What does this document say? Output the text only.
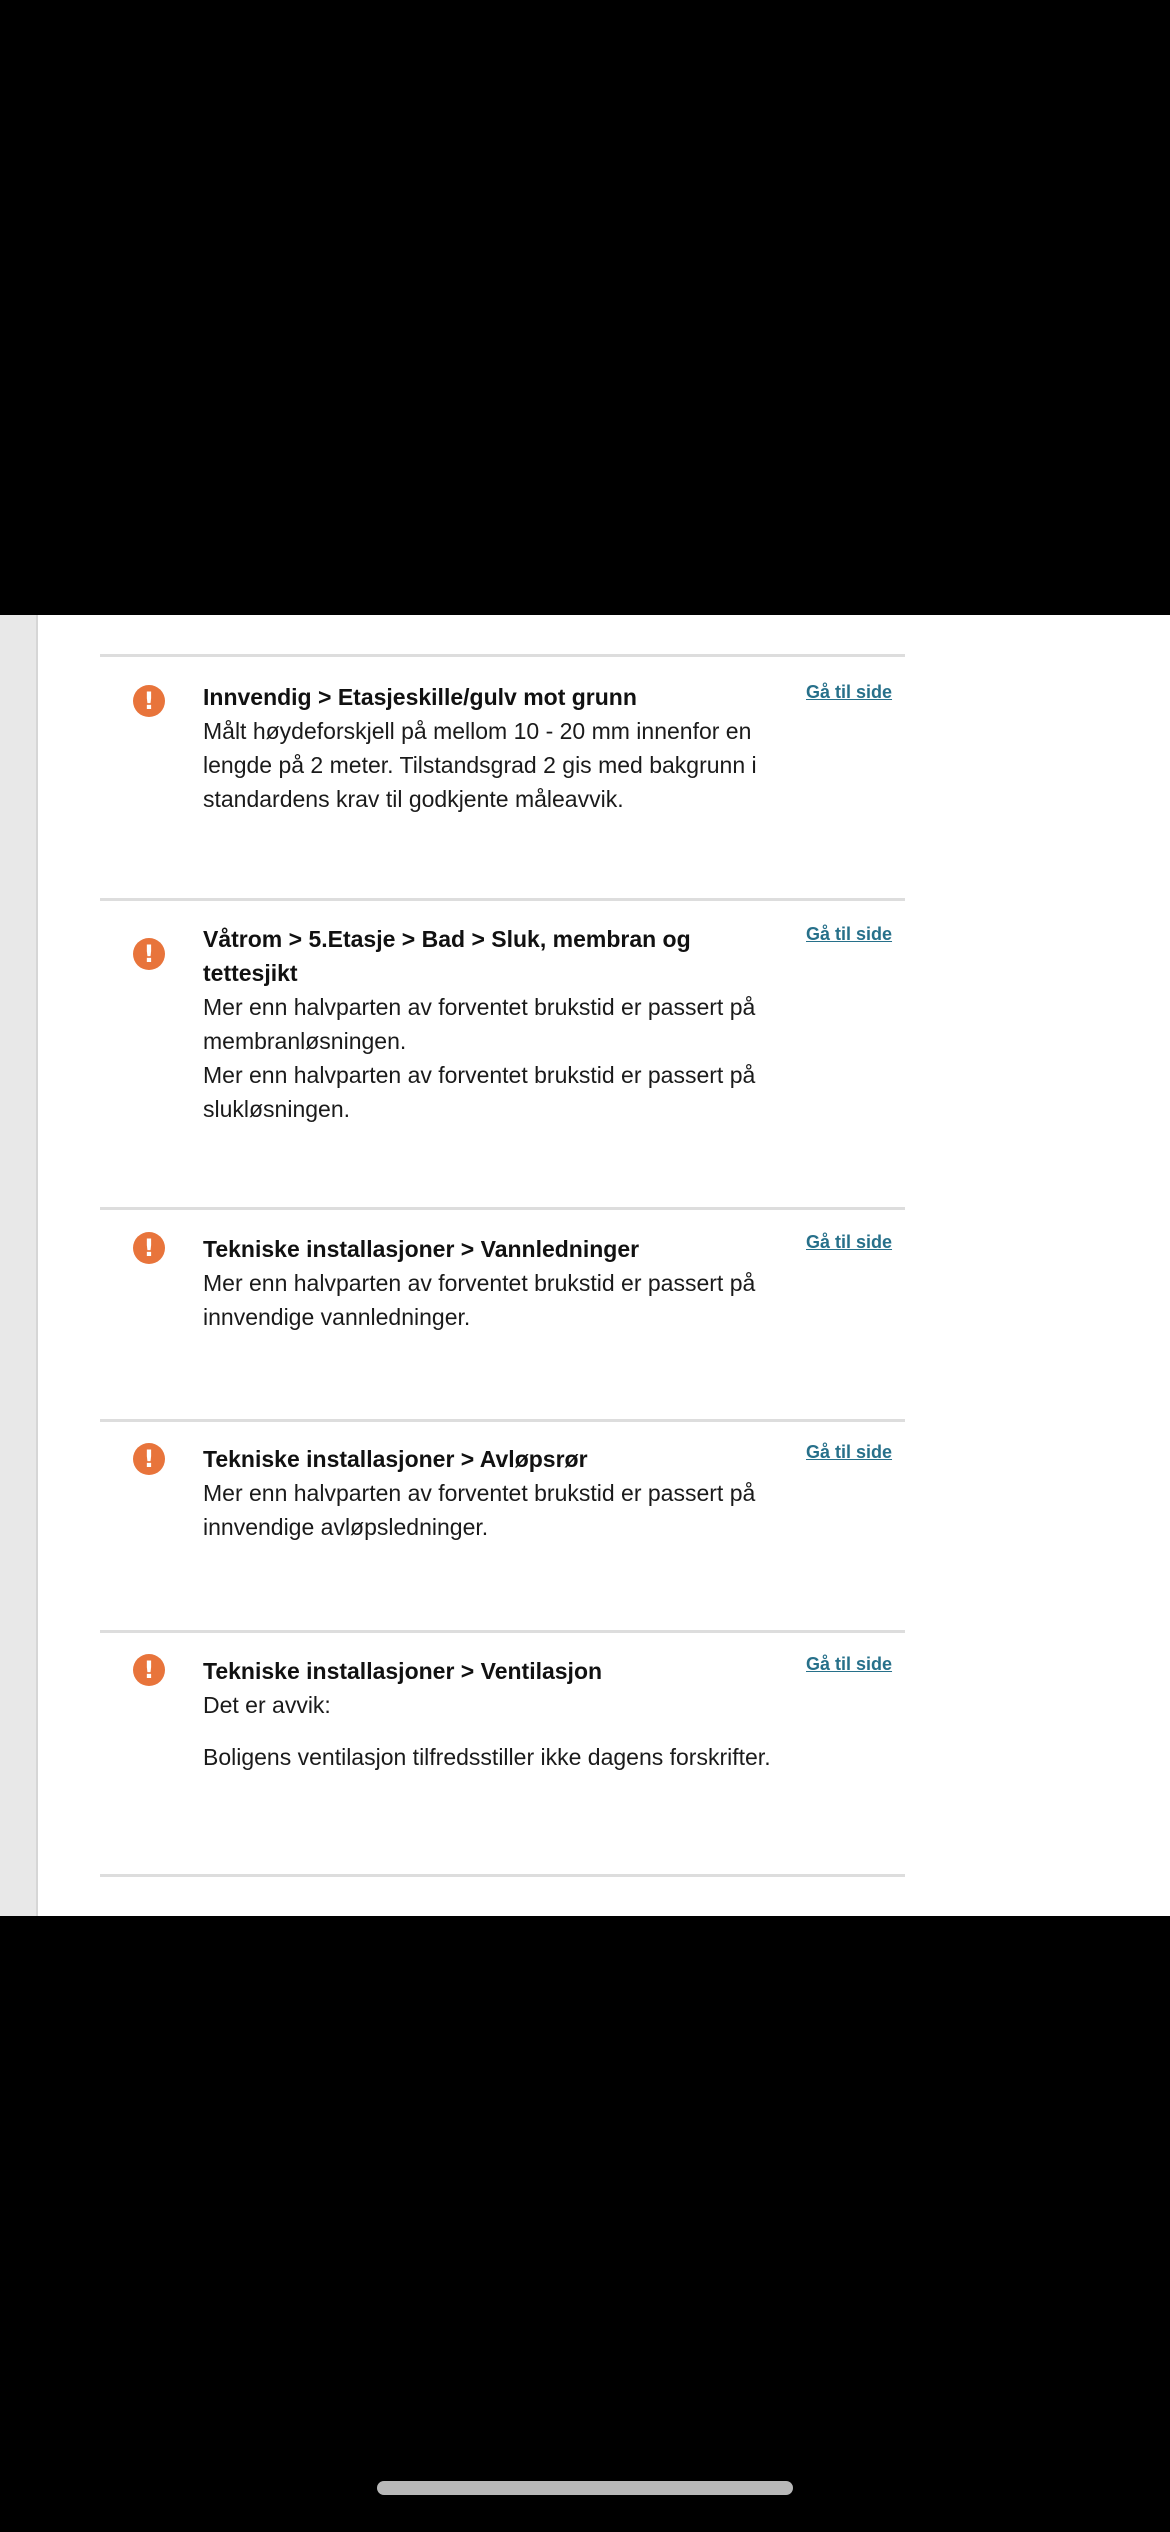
!	Innvendig > Etasjeskille/gulv mot grunn

Målt høydeforskjell på mellom 10 - 20 mm innenfor en lengde på 2 meter. Tilstandsgrad 2 gis med bakgrunn i standardens krav til godkjente måleavvik.

Gå til side
!
Våtrom > 5.Etasje > Bad > Sluk, membran og tettesjikt

Mer enn halvparten av forventet brukstid er passert på membranløsningen.

Mer enn halvparten av forventet brukstid er passert på slukløsningen.

Gå til side
!	Tekniske installasjoner > Vannledninger

Mer enn halvparten av forventet brukstid er passert på innvendige vannledninger.

Gå til side
!	Tekniske installasjoner > Avløpsrør

Mer enn halvparten av forventet brukstid er passert på innvendige avløpsledninger.

Gå til side
!	Tekniske installasjoner > Ventilasjon

Det er avvik:

Boligens ventilasjon tilfredsstiller ikke dagens forskrifter.

Gå til side
